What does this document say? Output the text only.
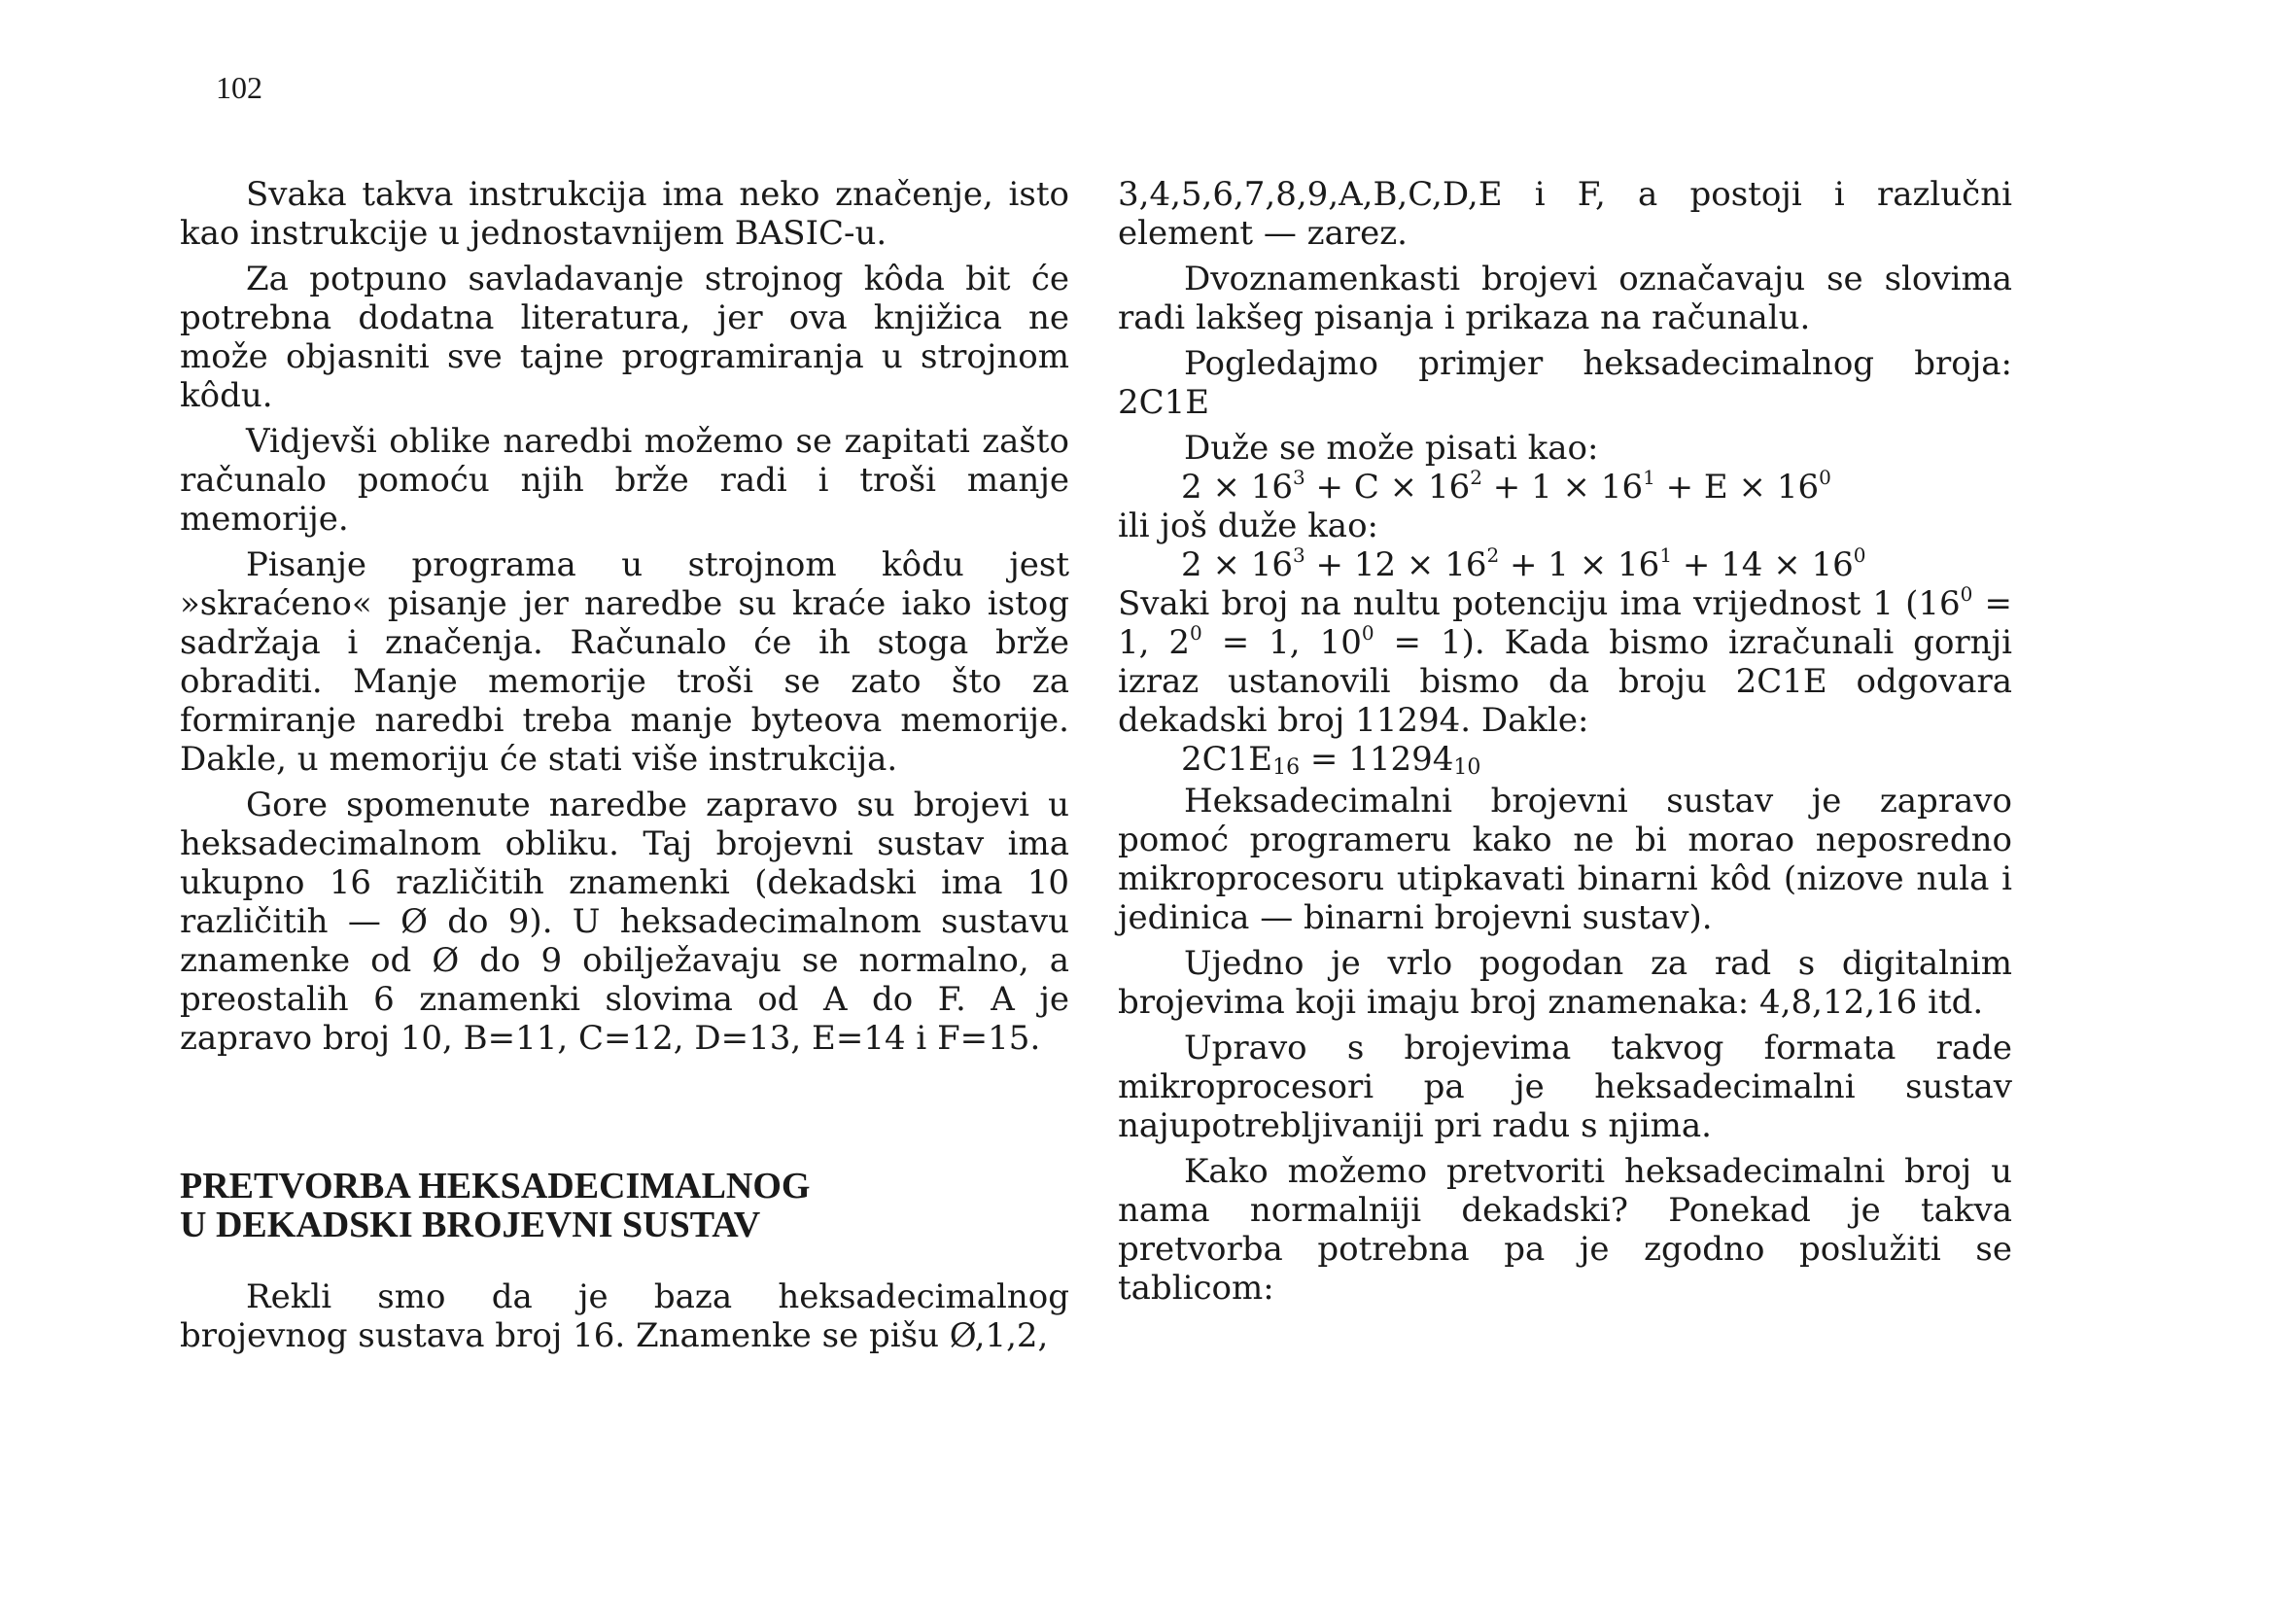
102

Svaka takva instrukcija ima neko značenje, isto kao instrukcije u jednostavnijem BASIC-u.

Za potpuno savladavanje strojnog kôda bit će potrebna dodatna literatura, jer ova knjižica ne može objasniti sve tajne programiranja u strojnom kôdu.

Vidjevši oblike naredbi možemo se zapitati zašto računalo pomoću njih brže radi i troši manje memorije.

Pisanje programa u strojnom kôdu jest »skraćeno« pisanje jer naredbe su kraće iako istog sadržaja i značenja. Računalo će ih stoga brže obraditi. Manje memorije troši se zato što za formiranje naredbi treba manje byteova memorije. Dakle, u memoriju će stati više instrukcija.

Gore spomenute naredbe zapravo su brojevi u heksadecimalnom obliku. Taj brojevni sustav ima ukupno 16 različitih znamenki (dekadski ima 10 različitih — Ø do 9). U heksadecimalnom sustavu znamenke od Ø do 9 obilježavaju se normalno, a preostalih 6 znamenki slovima od A do F. A je zapravo broj 10, B=11, C=12, D=13, E=14 i F=15.

PRETVORBA HEKSADECIMALNOG
U DEKADSKI BROJEVNI SUSTAV

Rekli smo da je baza heksadecimalnog brojevnog sustava broj 16. Znamenke se pišu Ø,1,2,

3,4,5,6,7,8,9,A,B,C,D,E i F, a postoji i razlučni element — zarez.

Dvoznamenkasti brojevi označavaju se slovima radi lakšeg pisanja i prikaza na računalu.

Pogledajmo primjer heksadecimalnog broja: 2C1E

Duže se može pisati kao:

$2 \times 16^3 + C \times 16^2 + 1 \times 16^1 + E \times 16^0$

ili još duže kao:

$2 \times 16^3 + 12 \times 16^2 + 1 \times 16^1 + 14 \times 16^0$

Svaki broj na nultu potenciju ima vrijednost 1 ($16^0 = 1$, $2^0 = 1$, $10^0 = 1$). Kada bismo izračunali gornji izraz ustanovili bismo da broju 2C1E odgovara dekadski broj 11294. Dakle:

$2C1E_{16} = 11294_{10}$

Heksadecimalni brojevni sustav je zapravo pomoć programeru kako ne bi morao neposredno mikroprocesoru utipkavati binarni kôd (nizove nula i jedinica — binarni brojevni sustav).

Ujedno je vrlo pogodan za rad s digitalnim brojevima koji imaju broj znamenaka: 4,8,12,16 itd.

Upravo s brojevima takvog formata rade mikroprocesori pa je heksadecimalni sustav najupotrebljivaniji pri radu s njima.

Kako možemo pretvoriti heksadecimalni broj u nama normalniji dekadski? Ponekad je takva pretvorba potrebna pa je zgodno poslužiti se tablicom:
